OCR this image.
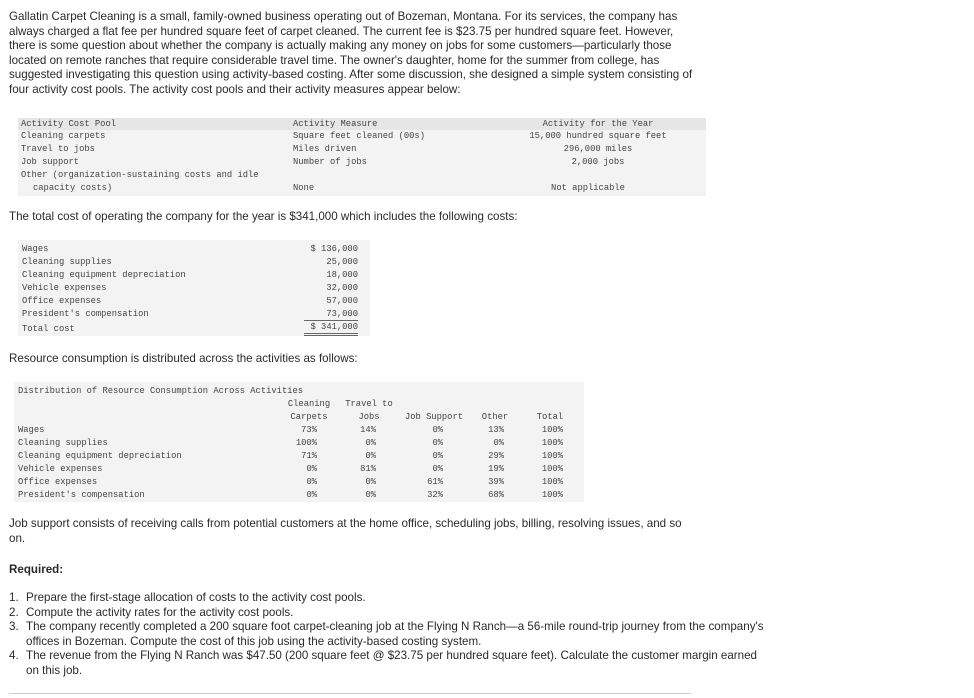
Gallatin Carpet Cleaning is a small, family-owned business operating out of Bozeman, Montana. For its services, the company has
always charged a flat fee per hundred square feet of carpet cleaned. The current fee is $23.75 per hundred square feet. However,
there is some question about whether the company is actually making any money on jobs for some customers—particularly those
located on remote ranches that require considerable travel time. The owner's daughter, home for the summer from college, has
suggested investigating this question using activity-based costing. After some discussion, she designed a simple system consisting of
four activity cost pools. The activity cost pools and their activity measures appear below:
Activity Cost Pool	Activity Measure	Activity for the Year
Cleaning carpets	Square feet cleaned (00s)	15,000 hundred square feet
Travel to jobs	Miles driven	296,000 miles
Job support	Number of jobs	2,000 jobs
Other (organization-sustaining costs and idle
capacity costs)	None	Not applicable
The total cost of operating the company for the year is $341,000 which includes the following costs:
Wages	$ 136,000
Cleaning supplies	25,000
Cleaning equipment depreciation	18,000
Vehicle expenses	32,000
Office expenses	57,000
President's compensation	73,000
Total cost	$ 341,000
Resource consumption is distributed across the activities as follows:
Distribution of Resource Consumption Across Activities
Cleaning
Carpets
Travel to
Jobs	Job Support	Other	Total
Wages	73%	14%	0%	13%	100%
Cleaning supplies	100%	0%	0%	0%	100%
Cleaning equipment depreciation	71%	0%	0%	29%	100%
Vehicle expenses	0%	81%	0%	19%	100%
Office expenses	0%	0%	61%	39%	100%
President's compensation	0%	0%	32%	68%	100%
Job support consists of receiving calls from potential customers at the home office, scheduling jobs, billing, resolving issues, and so
on.
Required:
1. Prepare the first-stage allocation of costs to the activity cost pools.
2. Compute the activity rates for the activity cost pools.
3. The company recently completed a 200 square foot carpet-cleaning job at the Flying N Ranch—a 56-mile round-trip journey from the company's offices in Bozeman. Compute the cost of this job using the activity-based costing system.
4. The revenue from the Flying N Ranch was $47.50 (200 square feet @ $23.75 per hundred square feet). Calculate the customer margin earned on this job.
